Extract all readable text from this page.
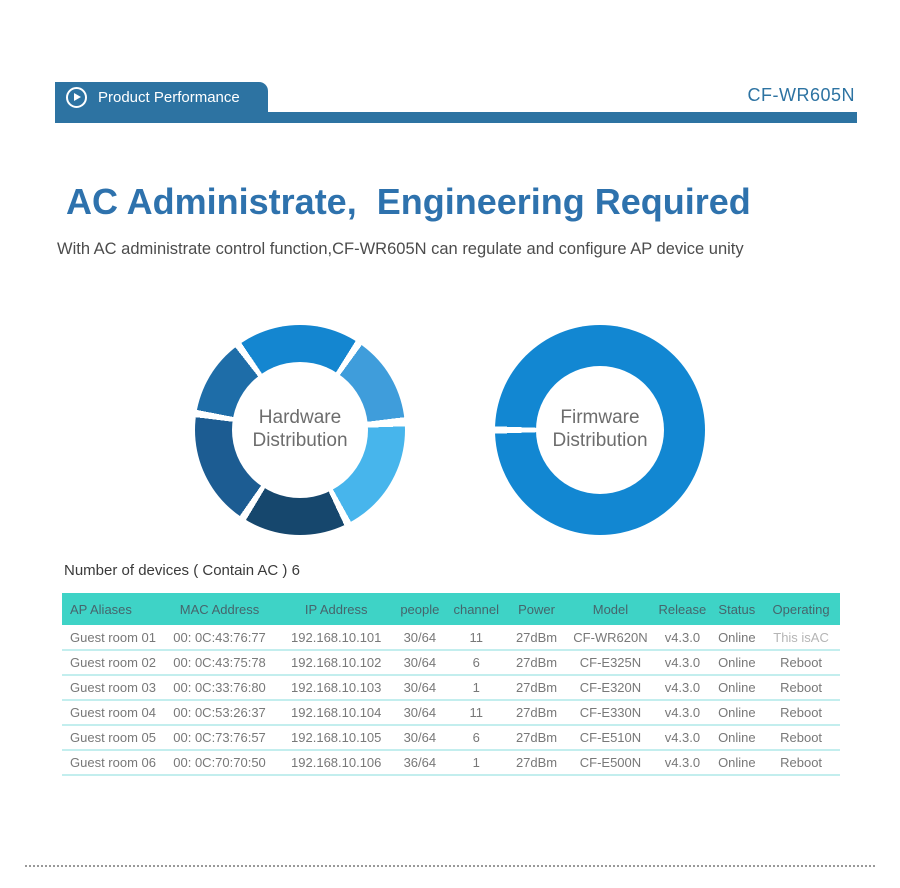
Product Performance	CF-WR605N
AC Administrate,  Engineering Required

With AC administrate control function,CF-WR605N can regulate and configure AP device unity

Hardware
Distribution
Firmware
Distribution

Number of devices ( Contain AC ) 6

AP Aliases	MAC Address	IP Address	people	channel	Power	Model	Release	Status	Operating
Guest room 01	00: 0C:43:76:77	192.168.10.101	30/64	11	27dBm	CF-WR620N	v4.3.0	Online	This isAC
Guest room 02	00: 0C:43:75:78	192.168.10.102	30/64	6	27dBm	CF-E325N	v4.3.0	Online	Reboot
Guest room 03	00: 0C:33:76:80	192.168.10.103	30/64	1	27dBm	CF-E320N	v4.3.0	Online	Reboot
Guest room 04	00: 0C:53:26:37	192.168.10.104	30/64	11	27dBm	CF-E330N	v4.3.0	Online	Reboot
Guest room 05	00: 0C:73:76:57	192.168.10.105	30/64	6	27dBm	CF-E510N	v4.3.0	Online	Reboot
Guest room 06	00: 0C:70:70:50	192.168.10.106	36/64	1	27dBm	CF-E500N	v4.3.0	Online	Reboot
